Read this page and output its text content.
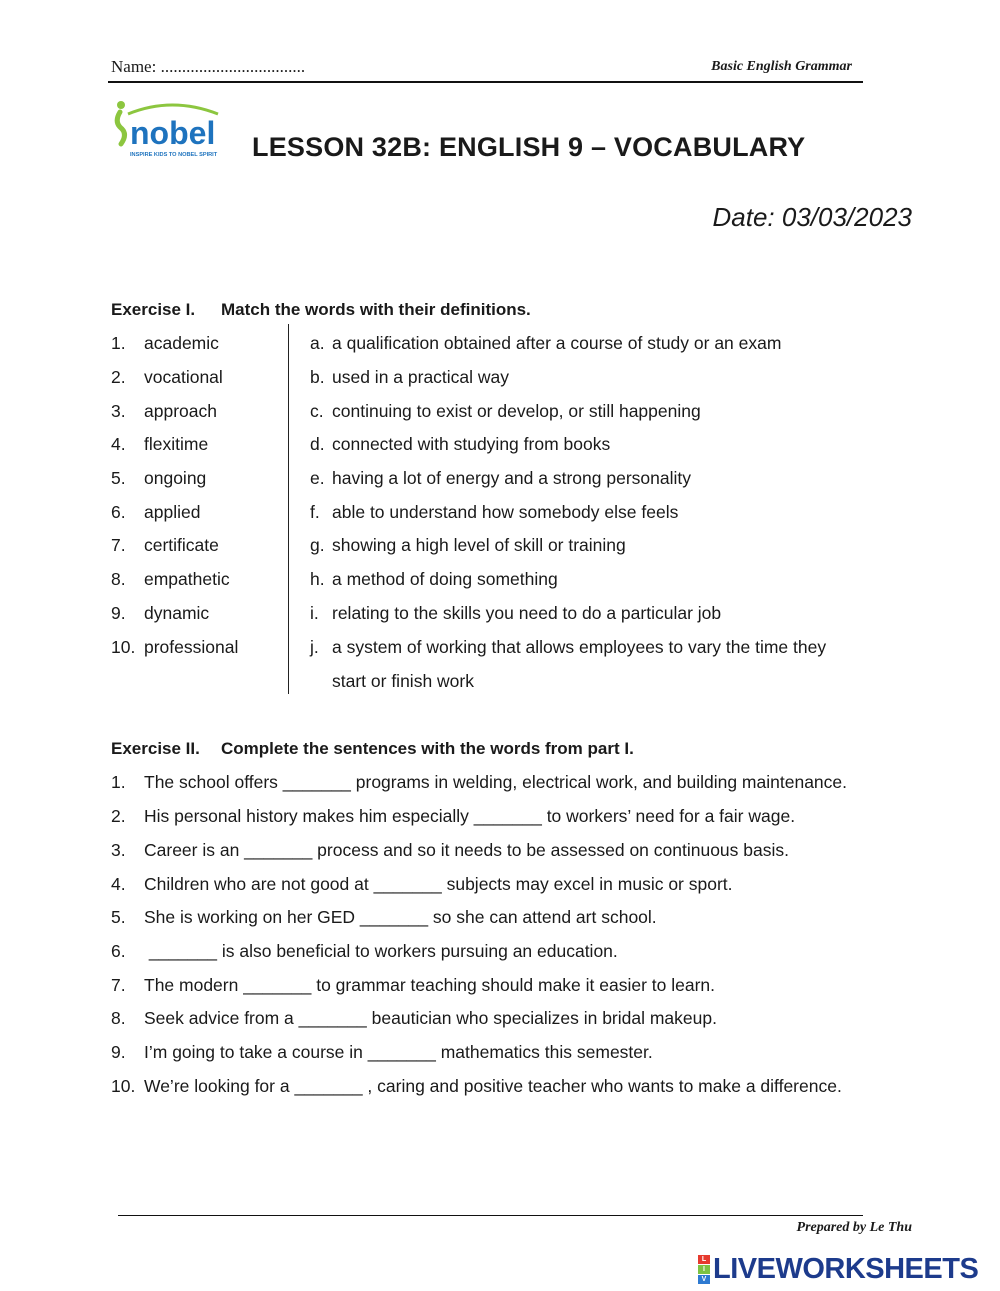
Name: ..................................	Basic English Grammar
nobel
INSPIRE KIDS TO NOBEL SPIRIT LESSON 32B: ENGLISH 9 – VOCABULARY
Date: 03/03/2023
Exercise I. Match the words with their definitions.
1. academic
2. vocational
3. approach
4. flexitime
5. ongoing
6. applied
7. certificate
8. empathetic
9. dynamic
10. professional
a. a qualification obtained after a course of study or an exam
b. used in a practical way
c. continuing to exist or develop, or still happening
d. connected with studying from books
e. having a lot of energy and a strong personality
f. able to understand how somebody else feels
g. showing a high level of skill or training
h. a method of doing something
i. relating to the skills you need to do a particular job
j. a system of working that allows employees to vary the time they
start or finish work
Exercise II. Complete the sentences with the words from part I.
1. The school offers _______ programs in welding, electrical work, and building maintenance.
2. His personal history makes him especially _______ to workers’ need for a fair wage.
3. Career is an _______ process and so it needs to be assessed on continuous basis.
4. Children who are not good at _______ subjects may excel in music or sport.
5. She is working on her GED _______ so she can attend art school.
6. _______ is also beneficial to workers pursuing an education.
7. The modern _______ to grammar teaching should make it easier to learn.
8. Seek advice from a _______ beautician who specializes in bridal makeup.
9. I’m going to take a course in _______ mathematics this semester.
10. We’re looking for a _______ , caring and positive teacher who wants to make a difference.
Prepared by Le Thu
L
I
V LIVEWORKSHEETS
